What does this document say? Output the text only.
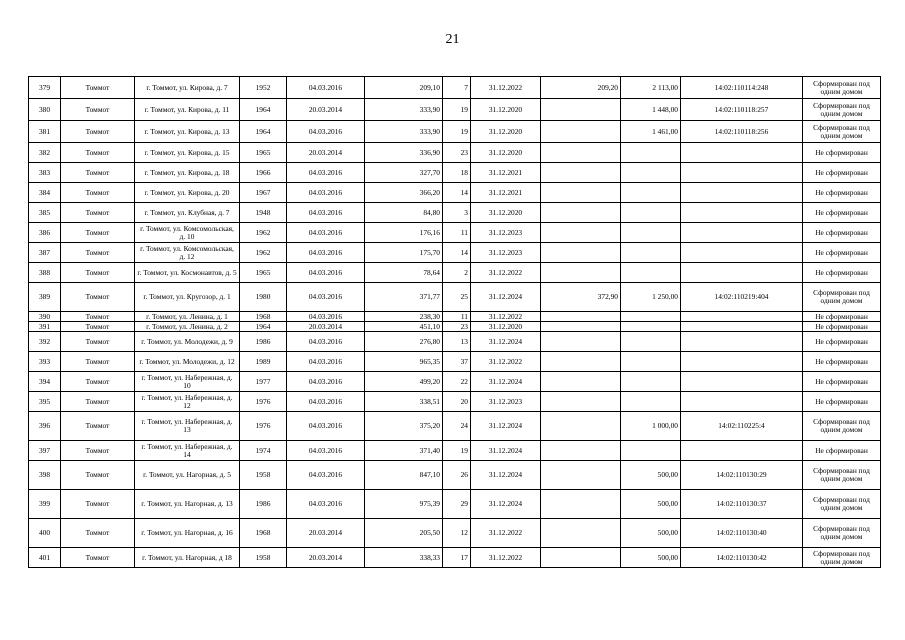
21
379	Томмот	г. Томмот, ул. Кирова, д. 7	1952	04.03.2016	209,10	7	31.12.2022	209,20	2 113,00	14:02:110114:248	Сформирован под одним домом
380	Томмот	г. Томмот, ул. Кирова, д. 11	1964	20.03.2014	333,90	19	31.12.2020		1 448,00	14:02:110118:257	Сформирован под одним домом
381	Томмот	г. Томмот, ул. Кирова, д. 13	1964	04.03.2016	333,90	19	31.12.2020		1 461,00	14:02:110118:256	Сформирован под одним домом
382	Томмот	г. Томмот, ул. Кирова, д. 15	1965	20.03.2014	336,90	23	31.12.2020				Не сформирован
383	Томмот	г. Томмот, ул. Кирова, д. 18	1966	04.03.2016	327,70	18	31.12.2021				Не сформирован
384	Томмот	г. Томмот, ул. Кирова, д. 20	1967	04.03.2016	366,20	14	31.12.2021				Не сформирован
385	Томмот	г. Томмот, ул. Клубная, д. 7	1948	04.03.2016	84,80	3	31.12.2020				Не сформирован
386	Томмот	г. Томмот, ул. Комсомольская, д. 10	1962	04.03.2016	176,16	11	31.12.2023				Не сформирован
387	Томмот	г. Томмот, ул. Комсомольская, д. 12	1962	04.03.2016	175,70	14	31.12.2023				Не сформирован
388	Томмот	г. Томмот, ул. Космонавтов, д. 5	1965	04.03.2016	78,64	2	31.12.2022				Не сформирован
389	Томмот	г. Томмот, ул. Кругозор, д. 1	1980	04.03.2016	371,77	25	31.12.2024	372,90	1 250,00	14:02:110219:404	Сформирован под одним домом
390	Томмот	г. Томмот, ул. Ленина, д. 1	1968	04.03.2016	238,30	11	31.12.2022				Не сформирован
391	Томмот	г. Томмот, ул. Ленина, д. 2	1964	20.03.2014	451,10	23	31.12.2020				Не сформирован
392	Томмот	г. Томмот, ул. Молодежи, д. 9	1986	04.03.2016	276,80	13	31.12.2024				Не сформирован
393	Томмот	г. Томмот, ул. Молодежи, д. 12	1989	04.03.2016	965,35	37	31.12.2022				Не сформирован
394	Томмот	г. Томмот, ул. Набережная, д. 10	1977	04.03.2016	499,20	22	31.12.2024				Не сформирован
395	Томмот	г. Томмот, ул. Набережная, д. 12	1976	04.03.2016	338,51	20	31.12.2023				Не сформирован
396	Томмот	г. Томмот, ул. Набережная, д. 13	1976	04.03.2016	375,20	24	31.12.2024		1 000,00	14:02:110225:4	Сформирован под одним домом
397	Томмот	г. Томмот, ул. Набережная, д. 14	1974	04.03.2016	371,40	19	31.12.2024				Не сформирован
398	Томмот	г. Томмот, ул. Нагорная, д. 5	1958	04.03.2016	847,10	26	31.12.2024		500,00	14:02:110130:29	Сформирован под одним домом
399	Томмот	г. Томмот, ул. Нагорная, д. 13	1986	04.03.2016	975,39	29	31.12.2024		500,00	14:02:110130:37	Сформирован под одним домом
400	Томмот	г. Томмот, ул. Нагорная, д. 16	1968	20.03.2014	205,50	12	31.12.2022		500,00	14:02:110130:40	Сформирован под одним домом
401	Томмот	г. Томмот, ул. Нагорная, д 18	1958	20.03.2014	338,33	17	31.12.2022		500,00	14:02:110130:42	Сформирован под одним домом
